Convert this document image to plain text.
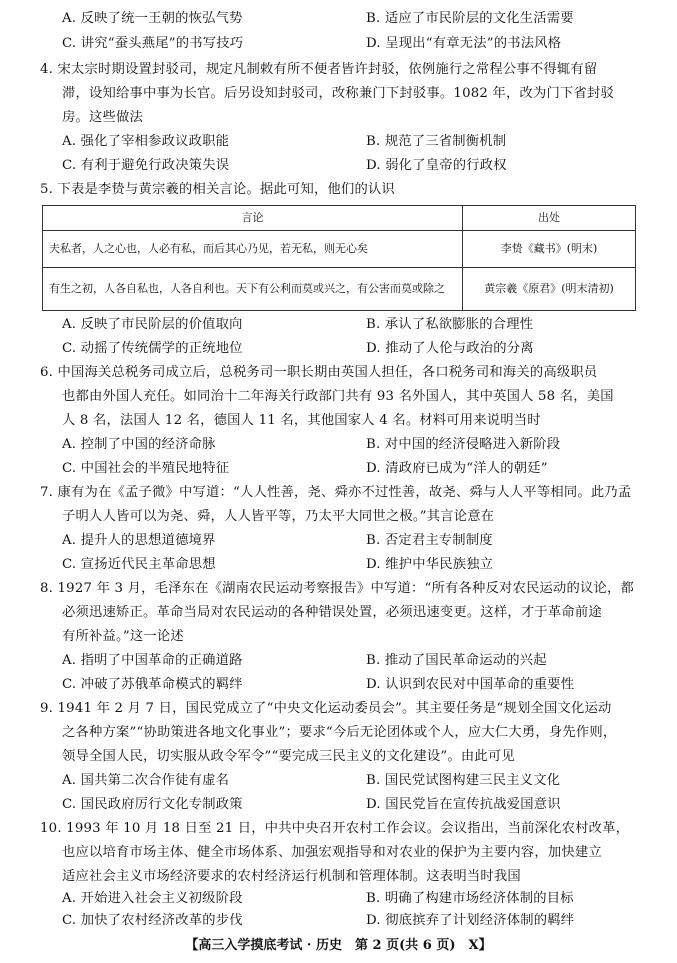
A. 反映了统一王朝的恢弘气势	B. 适应了市民阶层的文化生活需要
C. 讲究“蚕头燕尾”的书写技巧	D. 呈现出“有章无法”的书法风格
4. 宋太宗时期设置封驳司，规定凡制敕有所不便者皆许封驳，依例施行之常程公事不得辄有留
滞，设知给事中事为长官。后另设知封驳司，改称兼门下封驳事。1082 年，改为门下省封驳
房。这些做法
A. 强化了宰相参政议政职能	B. 规范了三省制衡机制
C. 有利于避免行政决策失误	D. 弱化了皇帝的行政权
5. 下表是李贽与黄宗羲的相关言论。据此可知，他们的认识
言论	出处
夫私者，人之心也，人必有私，而后其心乃见，若无私，则无心矣	李贽《藏书》(明末)
有生之初，人各自私也，人各自利也。天下有公利而莫或兴之，有公害而莫或除之	黄宗羲《原君》(明末清初)
A. 反映了市民阶层的价值取向	B. 承认了私欲膨胀的合理性
C. 动摇了传统儒学的正统地位	D. 推动了人伦与政治的分离
6. 中国海关总税务司成立后，总税务司一职长期由英国人担任，各口税务司和海关的高级职员
也都由外国人充任。如同治十二年海关行政部门共有 93 名外国人，其中英国人 58 名，美国
人 8 名，法国人 12 名，德国人 11 名，其他国家人 4 名。材料可用来说明当时
A. 控制了中国的经济命脉	B. 对中国的经济侵略进入新阶段
C. 中国社会的半殖民地特征	D. 清政府已成为“洋人的朝廷”
7. 康有为在《孟子微》中写道：“人人性善，尧、舜亦不过性善，故尧、舜与人人平等相同。此乃孟
子明人人皆可以为尧、舜，人人皆平等，乃太平大同世之极。”其言论意在
A. 提升人的思想道德境界	B. 否定君主专制制度
C. 宣扬近代民主革命思想	D. 维护中华民族独立
8. 1927 年 3 月，毛泽东在《湖南农民运动考察报告》中写道：“所有各种反对农民运动的议论，都
必须迅速矫正。革命当局对农民运动的各种错误处置，必须迅速变更。这样，才于革命前途
有所补益。”这一论述
A. 指明了中国革命的正确道路	B. 推动了国民革命运动的兴起
C. 冲破了苏俄革命模式的羁绊	D. 认识到农民对中国革命的重要性
9. 1941 年 2 月 7 日，国民党成立了“中央文化运动委员会”。其主要任务是“规划全国文化运动
之各种方案”“协助策进各地文化事业”；要求“今后无论团体或个人，应大仁大勇，身先作则，
领导全国人民，切实服从政令军令”“要完成三民主义的文化建设”。由此可见
A. 国共第二次合作徒有虚名	B. 国民党试图构建三民主义文化
C. 国民政府厉行文化专制政策	D. 国民党旨在宣传抗战爱国意识
10. 1993 年 10 月 18 日至 21 日，中共中央召开农村工作会议。会议指出，当前深化农村改革，
也应以培育市场主体、健全市场体系、加强宏观指导和对农业的保护为主要内容，加快建立
适应社会主义市场经济要求的农村经济运行机制和管理体制。这表明当时我国
A. 开始进入社会主义初级阶段	B. 明确了构建市场经济体制的目标
C. 加快了农村经济改革的步伐	D. 彻底摈弃了计划经济体制的羁绊
【高三入学摸底考试 · 历史　第 2 页(共 6 页)　X】
